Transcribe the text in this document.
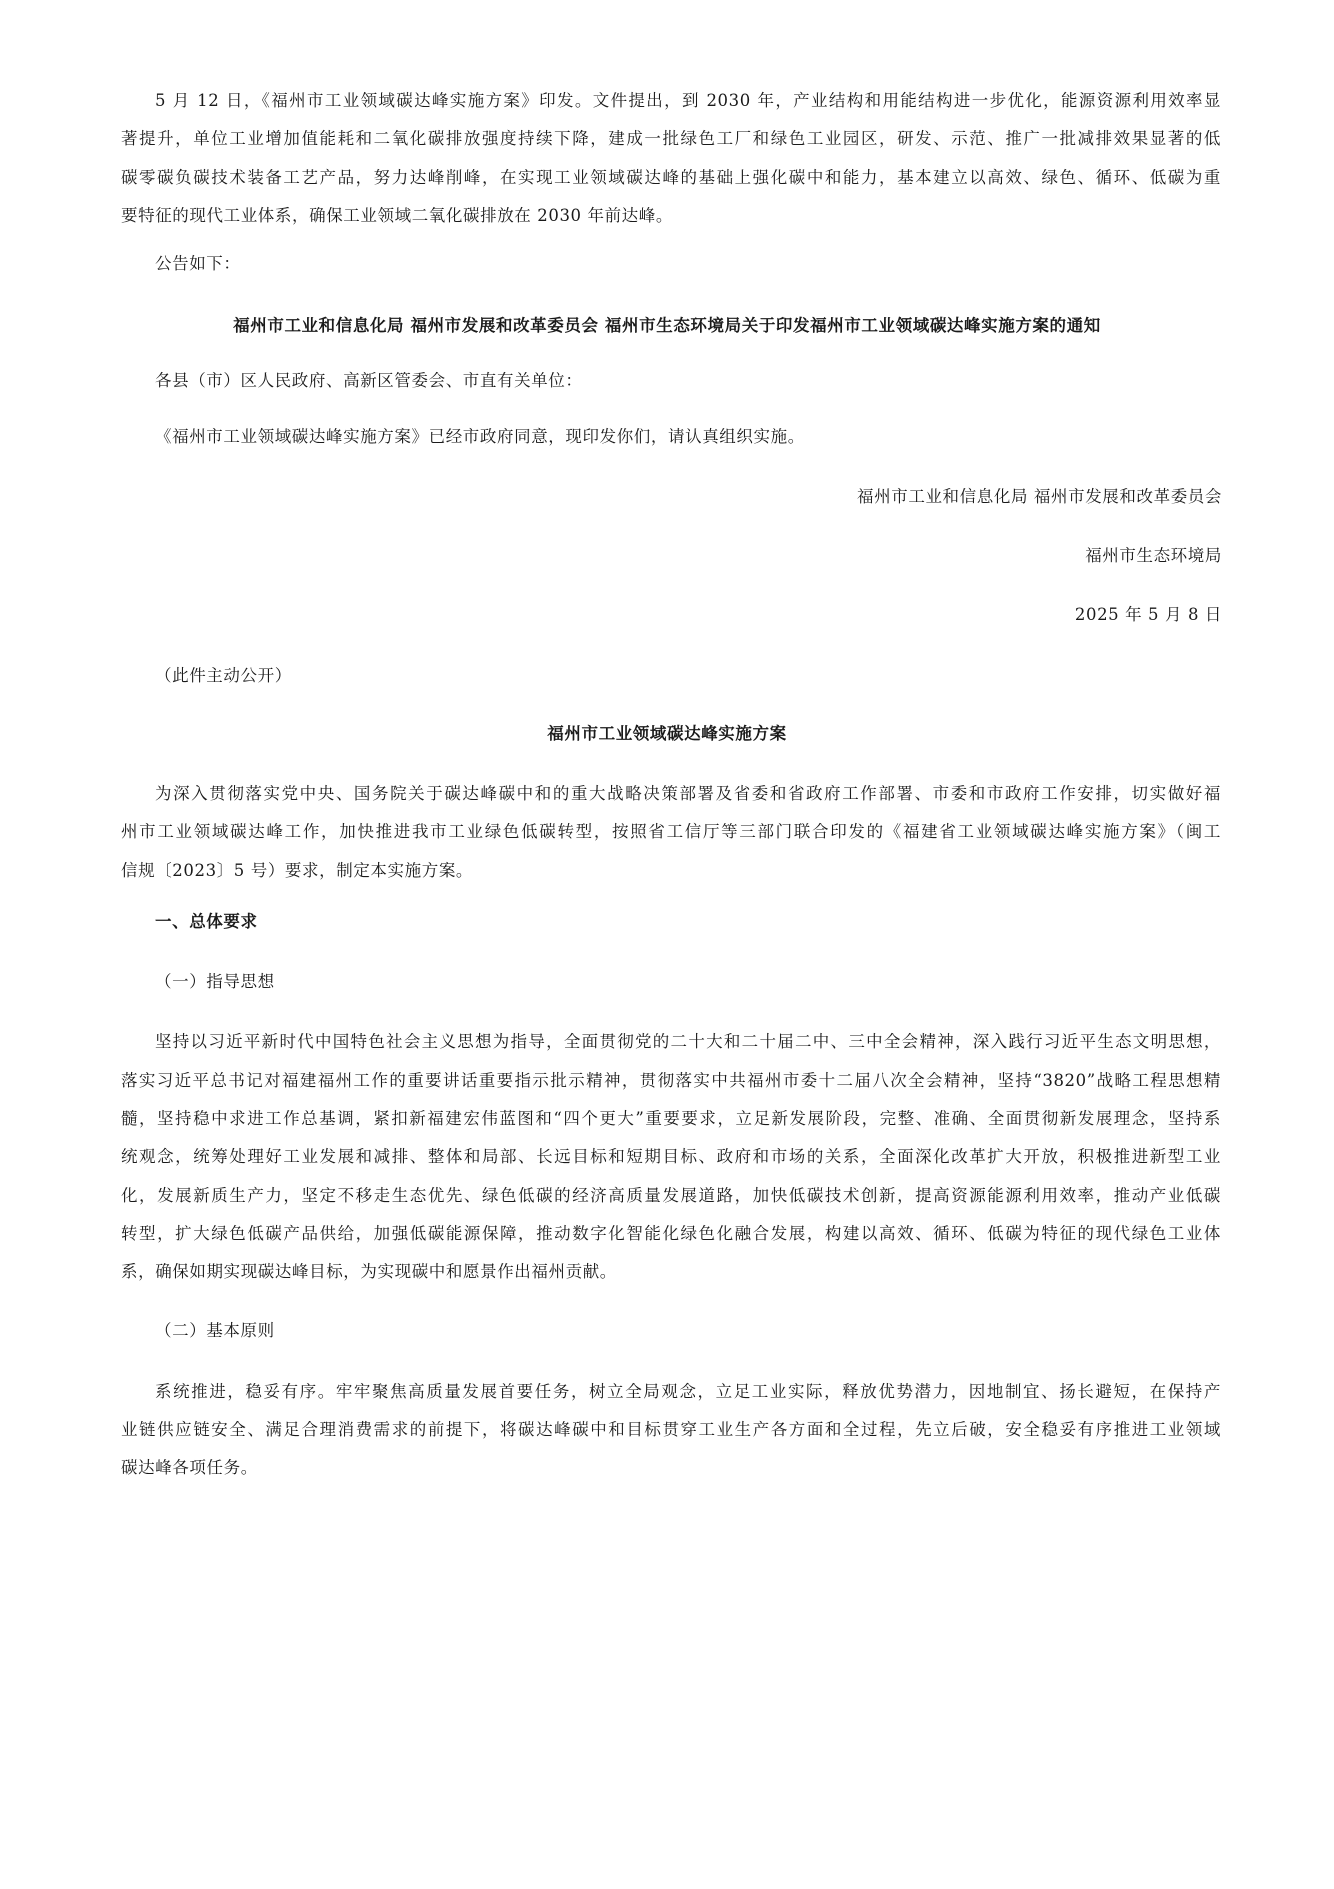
5 月 12 日，《福州市工业领域碳达峰实施方案》印发。文件提出，到 2030 年，产业结构和用能结构进一步优化，能源资源利用效率显
著提升，单位工业增加值能耗和二氧化碳排放强度持续下降，建成一批绿色工厂和绿色工业园区，研发、示范、推广一批减排效果显著的低
碳零碳负碳技术装备工艺产品，努力达峰削峰，在实现工业领域碳达峰的基础上强化碳中和能力，基本建立以高效、绿色、循环、低碳为重
要特征的现代工业体系，确保工业领域二氧化碳排放在 2030 年前达峰。
公告如下：
福州市工业和信息化局 福州市发展和改革委员会 福州市生态环境局关于印发福州市工业领域碳达峰实施方案的通知
各县（市）区人民政府、高新区管委会、市直有关单位：
《福州市工业领域碳达峰实施方案》已经市政府同意，现印发你们，请认真组织实施。
福州市工业和信息化局 福州市发展和改革委员会
福州市生态环境局
2025 年 5 月 8 日
（此件主动公开）
福州市工业领域碳达峰实施方案
为深入贯彻落实党中央、国务院关于碳达峰碳中和的重大战略决策部署及省委和省政府工作部署、市委和市政府工作安排，切实做好福
州市工业领域碳达峰工作，加快推进我市工业绿色低碳转型，按照省工信厅等三部门联合印发的《福建省工业领域碳达峰实施方案》（闽工
信规〔2023〕5 号）要求，制定本实施方案。
一、总体要求
（一）指导思想
坚持以习近平新时代中国特色社会主义思想为指导，全面贯彻党的二十大和二十届二中、三中全会精神，深入践行习近平生态文明思想，
落实习近平总书记对福建福州工作的重要讲话重要指示批示精神，贯彻落实中共福州市委十二届八次全会精神，坚持“3820”战略工程思想精
髓，坚持稳中求进工作总基调，紧扣新福建宏伟蓝图和“四个更大”重要要求，立足新发展阶段，完整、准确、全面贯彻新发展理念，坚持系
统观念，统筹处理好工业发展和减排、整体和局部、长远目标和短期目标、政府和市场的关系，全面深化改革扩大开放，积极推进新型工业
化，发展新质生产力，坚定不移走生态优先、绿色低碳的经济高质量发展道路，加快低碳技术创新，提高资源能源利用效率，推动产业低碳
转型，扩大绿色低碳产品供给，加强低碳能源保障，推动数字化智能化绿色化融合发展，构建以高效、循环、低碳为特征的现代绿色工业体
系，确保如期实现碳达峰目标，为实现碳中和愿景作出福州贡献。
（二）基本原则
系统推进，稳妥有序。牢牢聚焦高质量发展首要任务，树立全局观念，立足工业实际，释放优势潜力，因地制宜、扬长避短，在保持产
业链供应链安全、满足合理消费需求的前提下，将碳达峰碳中和目标贯穿工业生产各方面和全过程，先立后破，安全稳妥有序推进工业领域
碳达峰各项任务。
